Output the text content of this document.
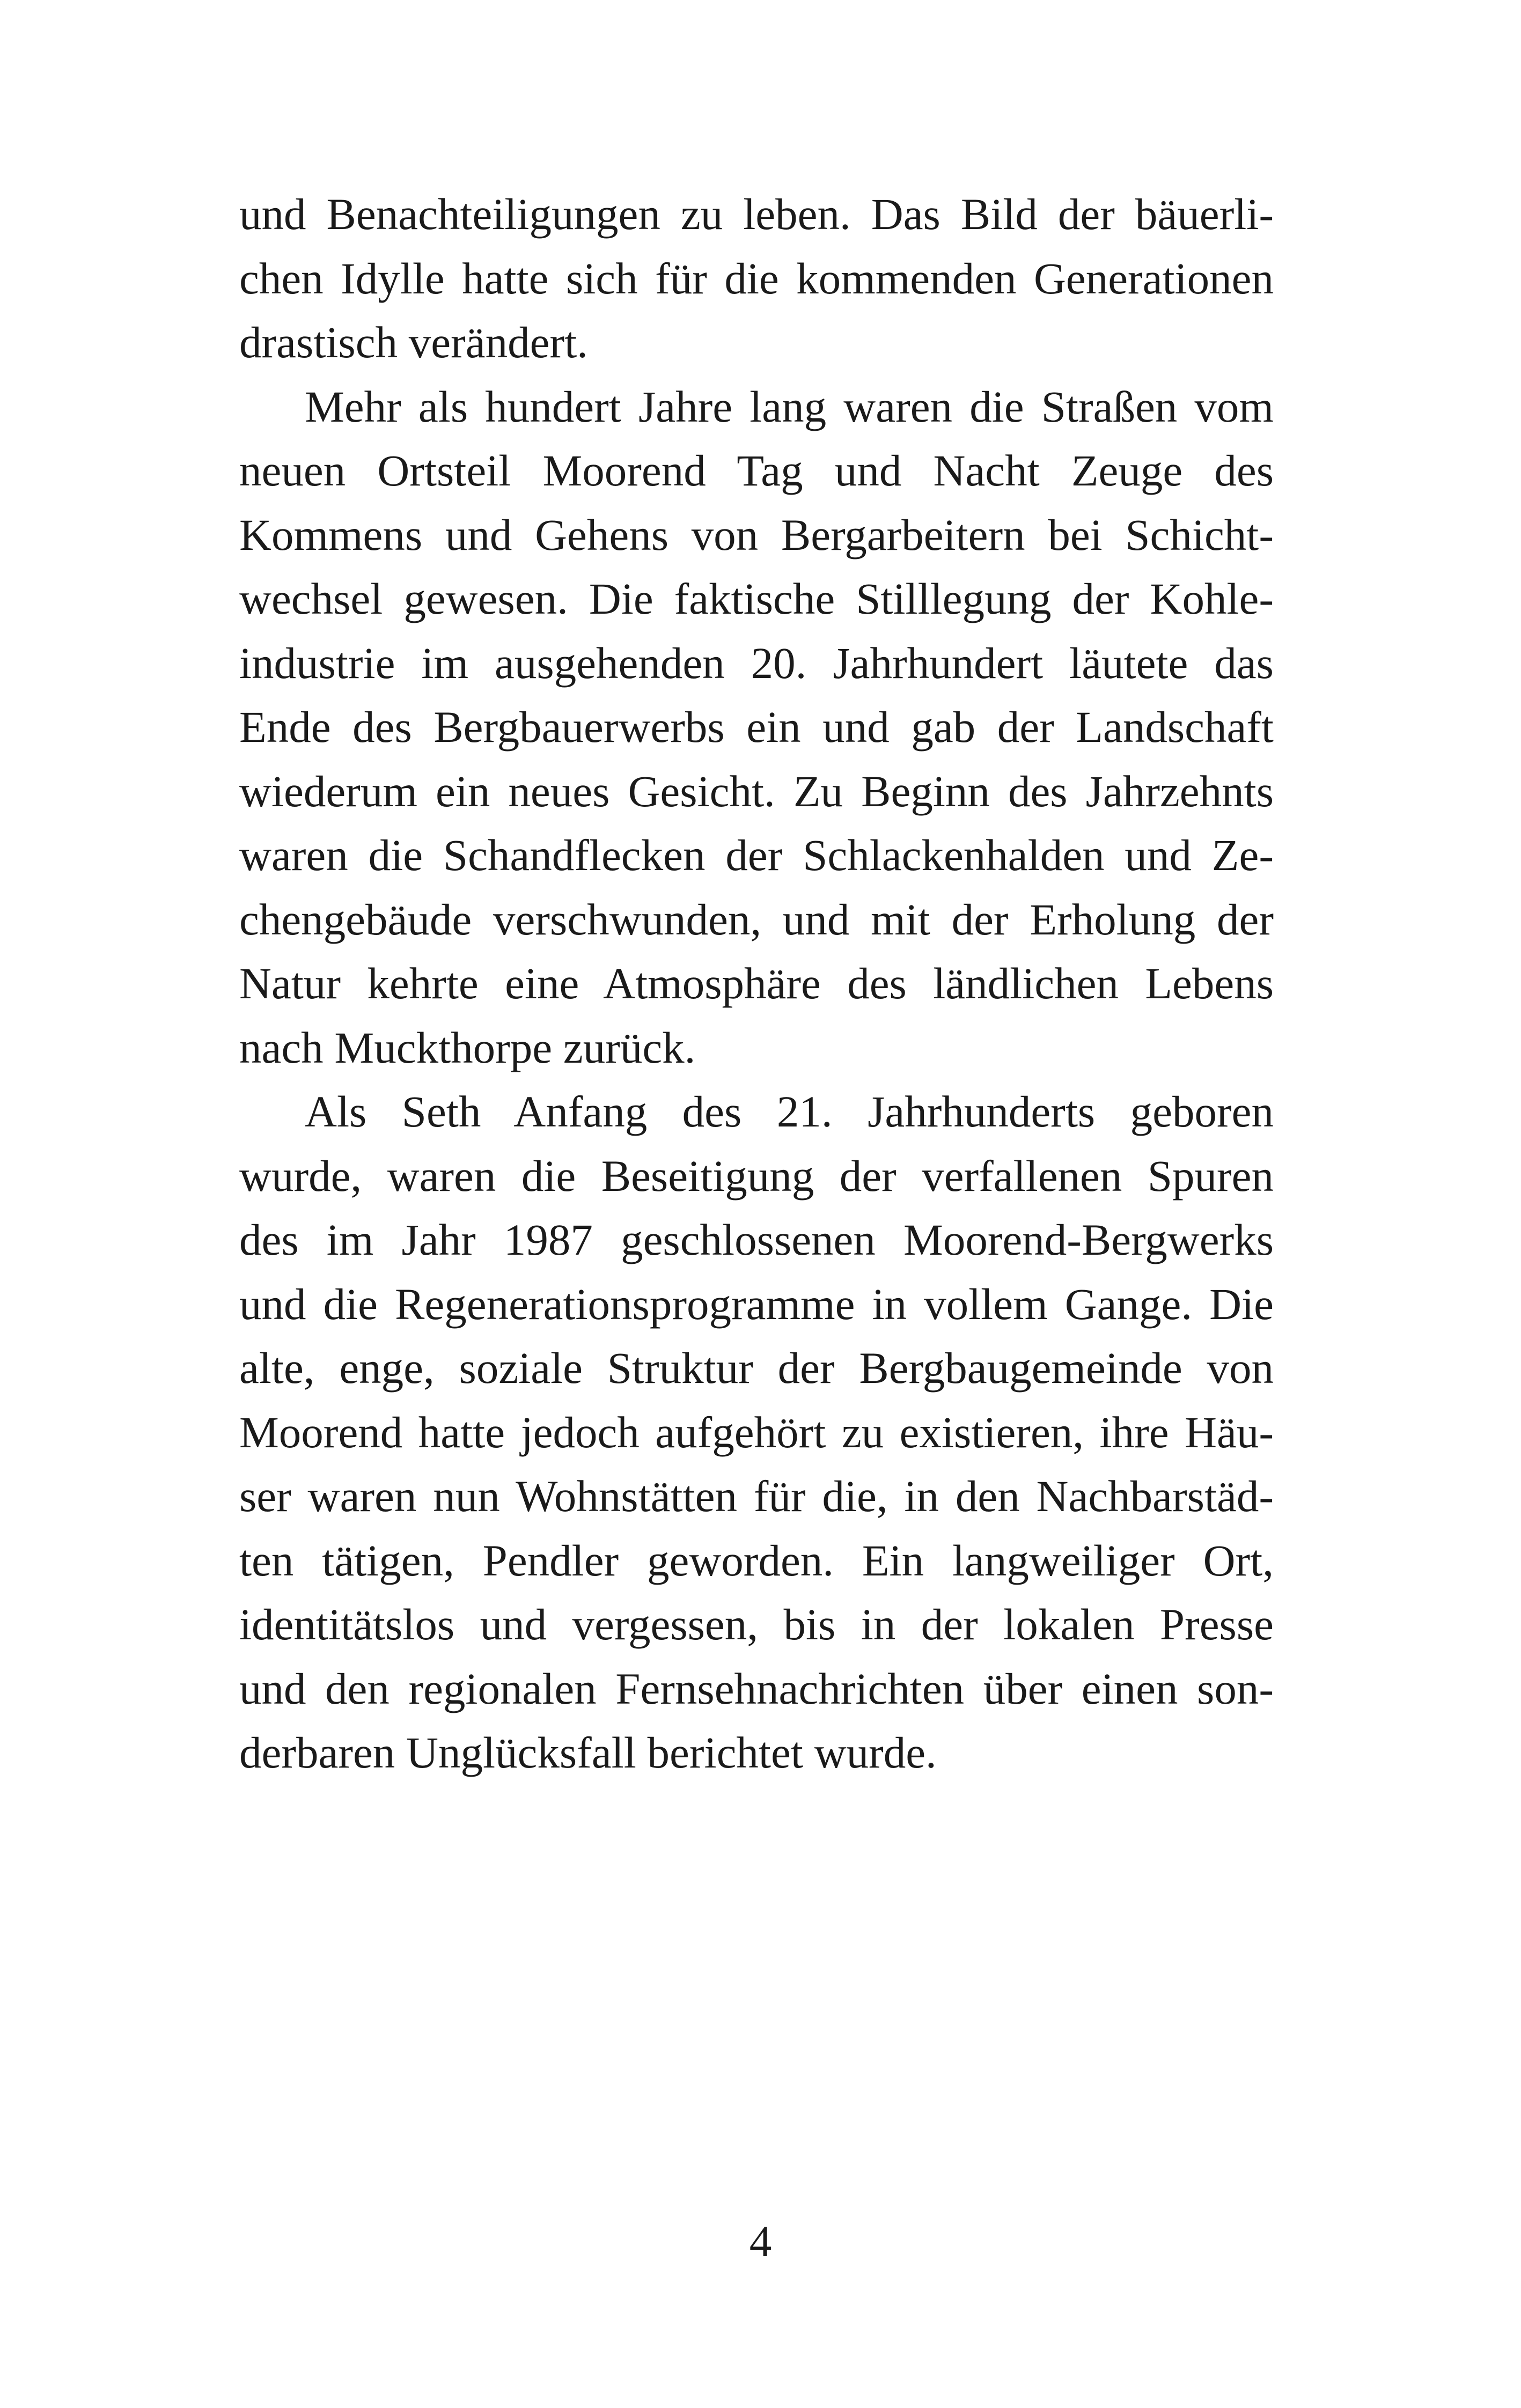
und Benachteiligungen zu leben. Das Bild der bäuerli-
chen Idylle hatte sich für die kommenden Generationen
drastisch verändert.
Mehr als hundert Jahre lang waren die Straßen vom
neuen Ortsteil Moorend Tag und Nacht Zeuge des
Kommens und Gehens von Bergarbeitern bei Schicht-
wechsel gewesen. Die faktische Stilllegung der Kohle-
industrie im ausgehenden 20. Jahrhundert läutete das
Ende des Bergbauerwerbs ein und gab der Landschaft
wiederum ein neues Gesicht. Zu Beginn des Jahrzehnts
waren die Schandflecken der Schlackenhalden und Ze-
chengebäude verschwunden, und mit der Erholung der
Natur kehrte eine Atmosphäre des ländlichen Lebens
nach Muckthorpe zurück.
Als Seth Anfang des 21. Jahrhunderts geboren
wurde, waren die Beseitigung der verfallenen Spuren
des im Jahr 1987 geschlossenen Moorend-Bergwerks
und die Regenerationsprogramme in vollem Gange. Die
alte, enge, soziale Struktur der Bergbaugemeinde von
Moorend hatte jedoch aufgehört zu existieren, ihre Häu-
ser waren nun Wohnstätten für die, in den Nachbarstäd-
ten tätigen, Pendler geworden. Ein langweiliger Ort,
identitätslos und vergessen, bis in der lokalen Presse
und den regionalen Fernsehnachrichten über einen son-
derbaren Unglücksfall berichtet wurde.
4
